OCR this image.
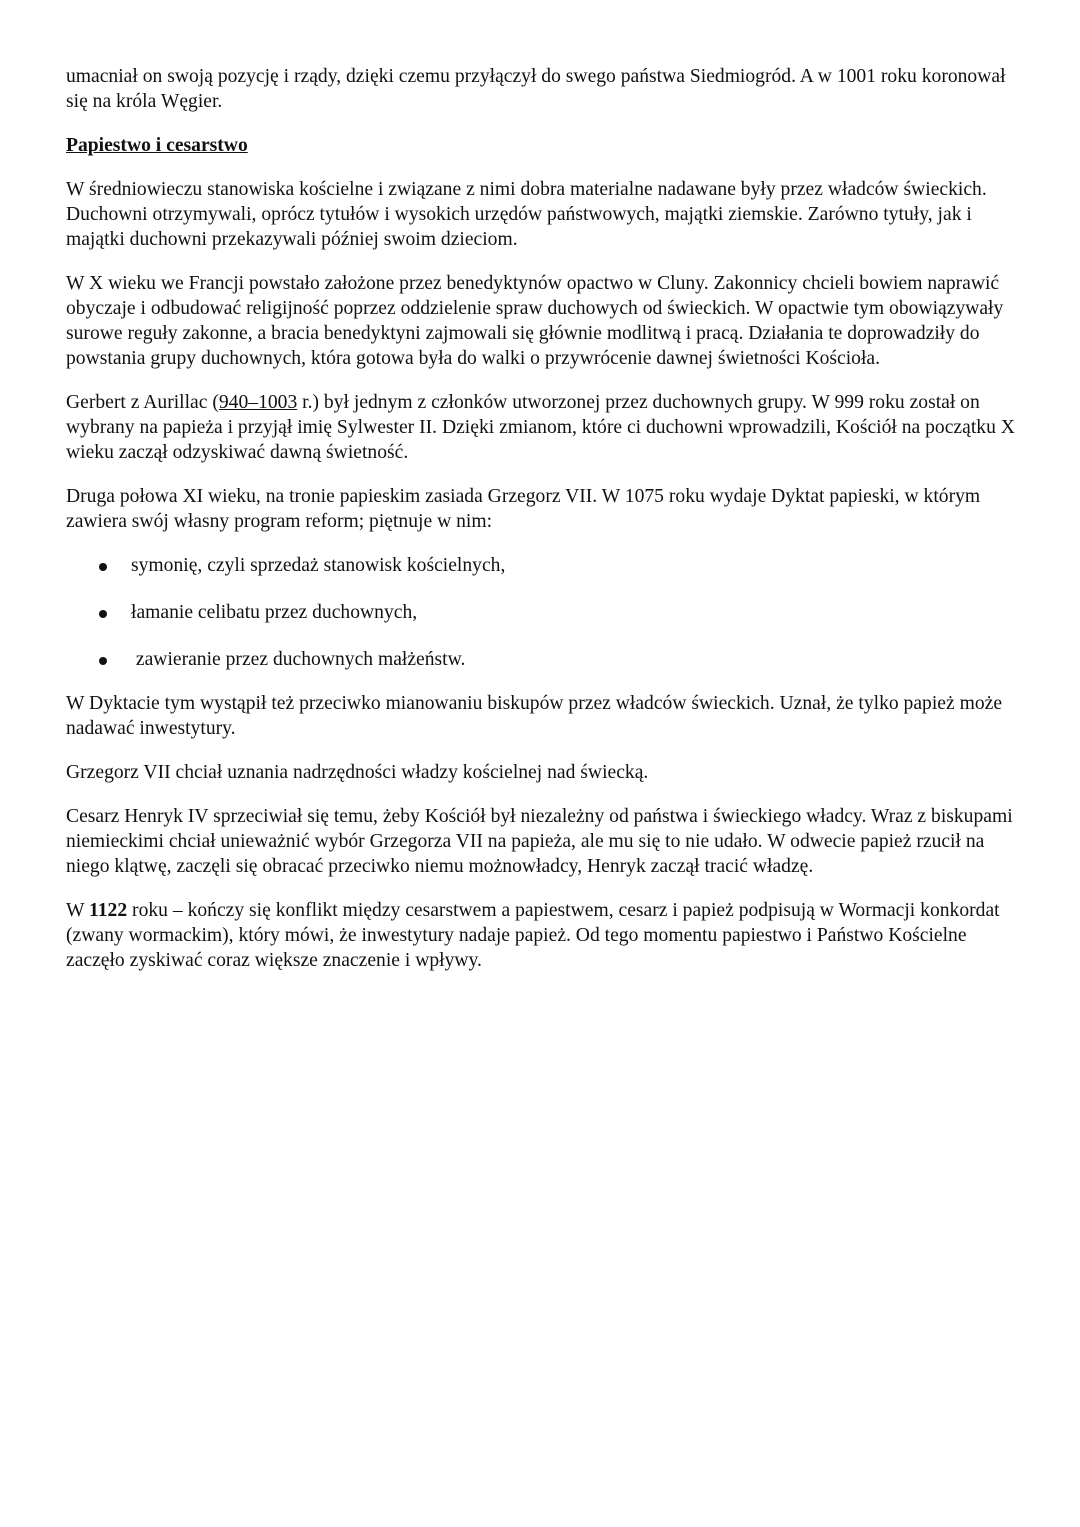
umacniał on swoją pozycję i rządy, dzięki czemu przyłączył do swego państwa Siedmiogród. A w 1001 roku koronował się na króla Węgier.

Papiestwo i cesarstwo

W średniowieczu stanowiska kościelne i związane z nimi dobra materialne nadawane były przez władców świeckich. Duchowni otrzymywali, oprócz tytułów i wysokich urzędów państwowych, majątki ziemskie. Zarówno tytuły, jak i majątki duchowni przekazywali później swoim dzieciom.

W X wieku we Francji powstało założone przez benedyktynów opactwo w Cluny. Zakonnicy chcieli bowiem naprawić obyczaje i odbudować religijność poprzez oddzielenie spraw duchowych od świeckich. W opactwie tym obowiązywały surowe reguły zakonne, a bracia benedyktyni zajmowali się głównie modlitwą i pracą. Działania te doprowadziły do powstania grupy duchownych, która gotowa była do walki o przywrócenie dawnej świetności Kościoła.

Gerbert z Aurillac (940–1003 r.) był jednym z członków utworzonej przez duchownych grupy. W 999 roku został on wybrany na papieża i przyjął imię Sylwester II. Dzięki zmianom, które ci duchowni wprowadzili, Kościół na początku X wieku zaczął odzyskiwać dawną świetność.

Druga połowa XI wieku, na tronie papieskim zasiada Grzegorz VII. W 1075 roku wydaje Dyktat papieski, w którym zawiera swój własny program reform; piętnuje w nim:

symonię, czyli sprzedaż stanowisk kościelnych,
łamanie celibatu przez duchownych,
zawieranie przez duchownych małżeństw.

W Dyktacie tym wystąpił też przeciwko mianowaniu biskupów przez władców świeckich. Uznał, że tylko papież może nadawać inwestytury.

Grzegorz VII chciał uznania nadrzędności władzy kościelnej nad świecką.

Cesarz Henryk IV sprzeciwiał się temu, żeby Kościół był niezależny od państwa i świeckiego władcy. Wraz z biskupami niemieckimi chciał unieważnić wybór Grzegorza VII na papieża, ale mu się to nie udało. W odwecie papież rzucił na niego klątwę, zaczęli się obracać przeciwko niemu możnowładcy, Henryk zaczął tracić władzę.

W 1122 roku – kończy się konflikt między cesarstwem a papiestwem, cesarz i papież podpisują w Wormacji konkordat (zwany wormackim), który mówi, że inwestytury nadaje papież. Od tego momentu papiestwo i Państwo Kościelne zaczęło zyskiwać coraz większe znaczenie i wpływy.
